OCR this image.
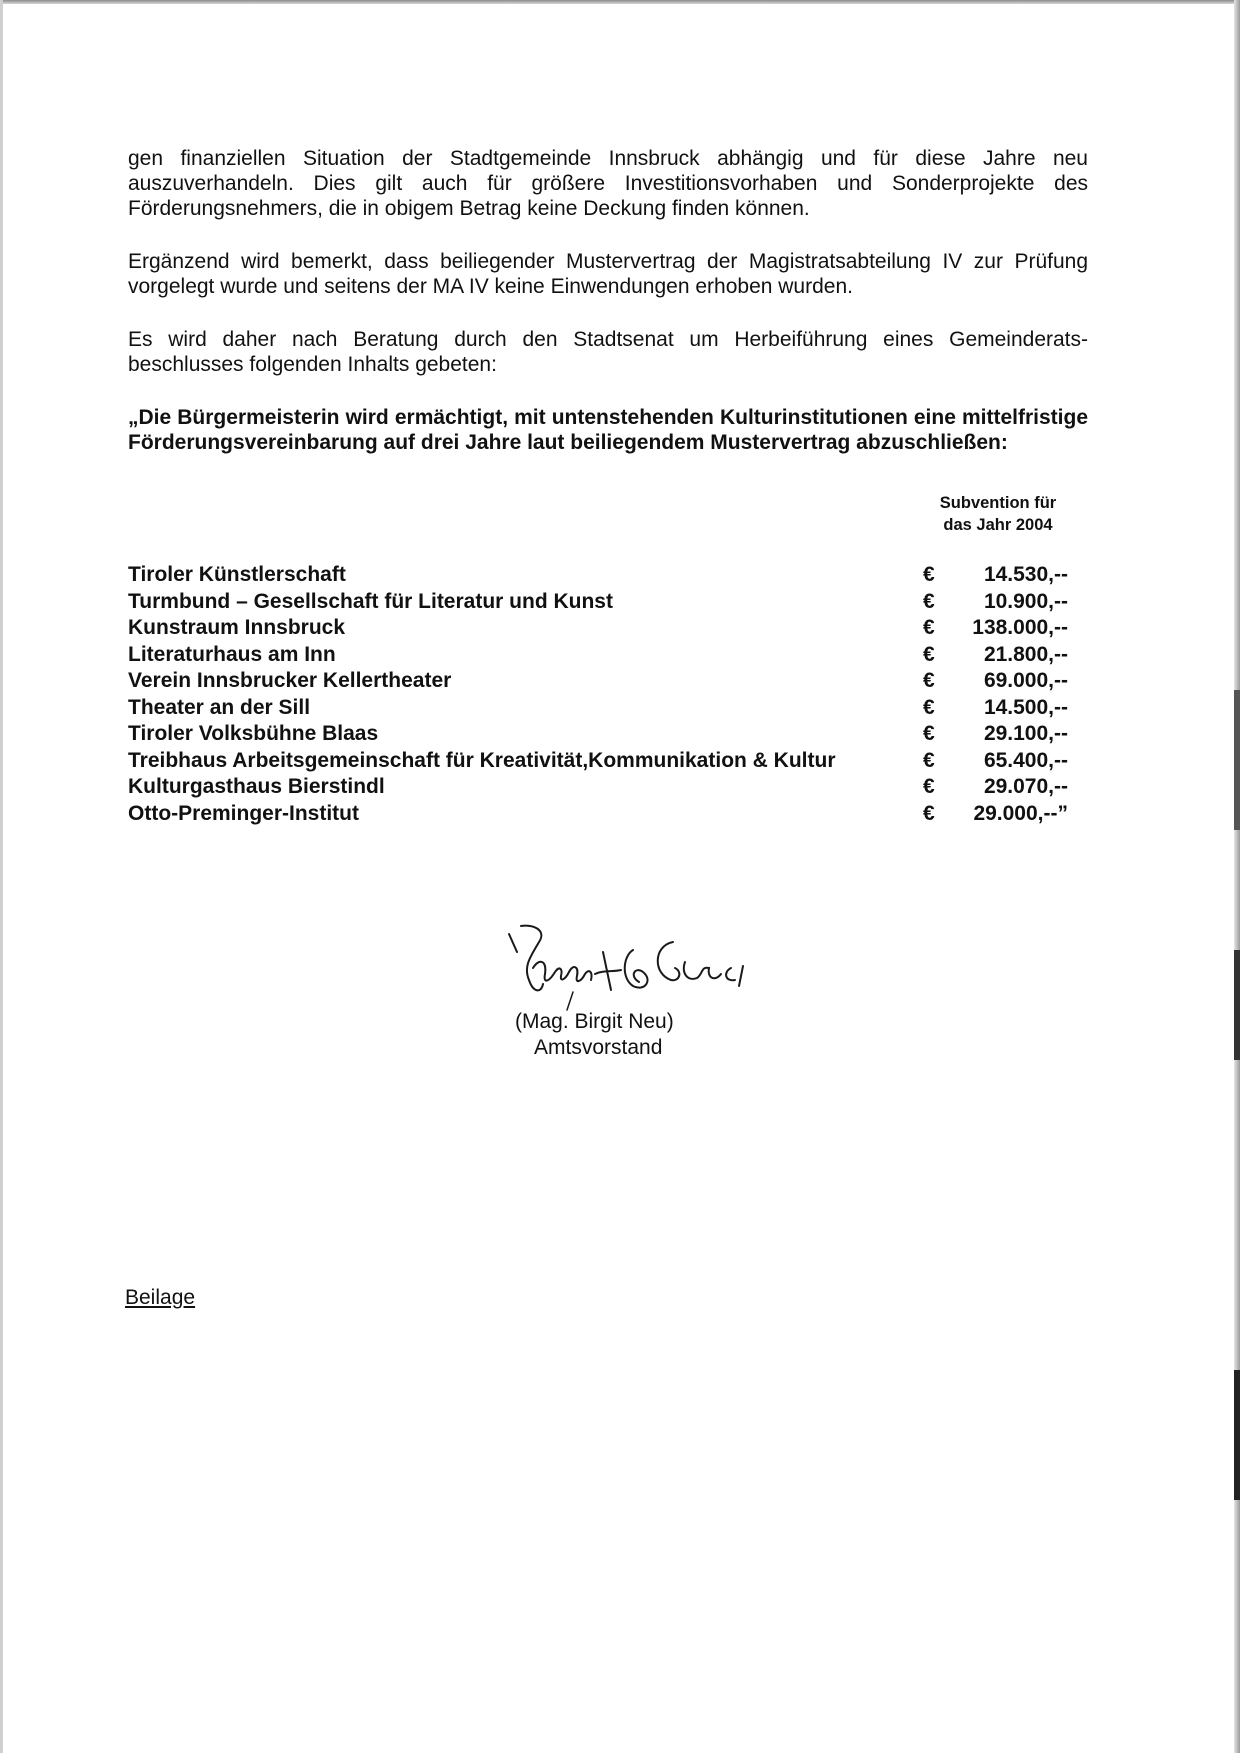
gen finanziellen Situation der Stadtgemeinde Innsbruck abhängig und für diese Jahre neu auszuverhandeln. Dies gilt auch für größere Investitionsvorhaben und Sonderprojekte des Förderungsnehmers, die in obigem Betrag keine Deckung finden können.

Ergänzend wird bemerkt, dass beiliegender Mustervertrag der Magistratsabteilung IV zur Prüfung vorgelegt wurde und seitens der MA IV keine Einwendungen erhoben wurden.

Es wird daher nach Beratung durch den Stadtsenat um Herbeiführung eines Gemeinderats-beschlusses folgenden Inhalts gebeten:

„Die Bürgermeisterin wird ermächtigt, mit untenstehenden Kulturinstitutionen eine mittelfristige Förderungsvereinbarung auf drei Jahre laut beiliegendem Mustervertrag abzuschließen:

Subvention für
das Jahr 2004
Tiroler Künstlerschaft	€	14.530,--
Turmbund – Gesellschaft für Literatur und Kunst	€	10.900,--
Kunstraum Innsbruck	€	138.000,--
Literaturhaus am Inn	€	21.800,--
Verein Innsbrucker Kellertheater	€	69.000,--
Theater an der Sill	€	14.500,--
Tiroler Volksbühne Blaas	€	29.100,--
Treibhaus Arbeitsgemeinschaft für Kreativität,Kommunikation & Kultur	€	65.400,--
Kulturgasthaus Bierstindl	€	29.070,--
Otto-Preminger-Institut	€	29.000,--”
(Mag. Birgit Neu)
Amtsvorstand
Beilage
